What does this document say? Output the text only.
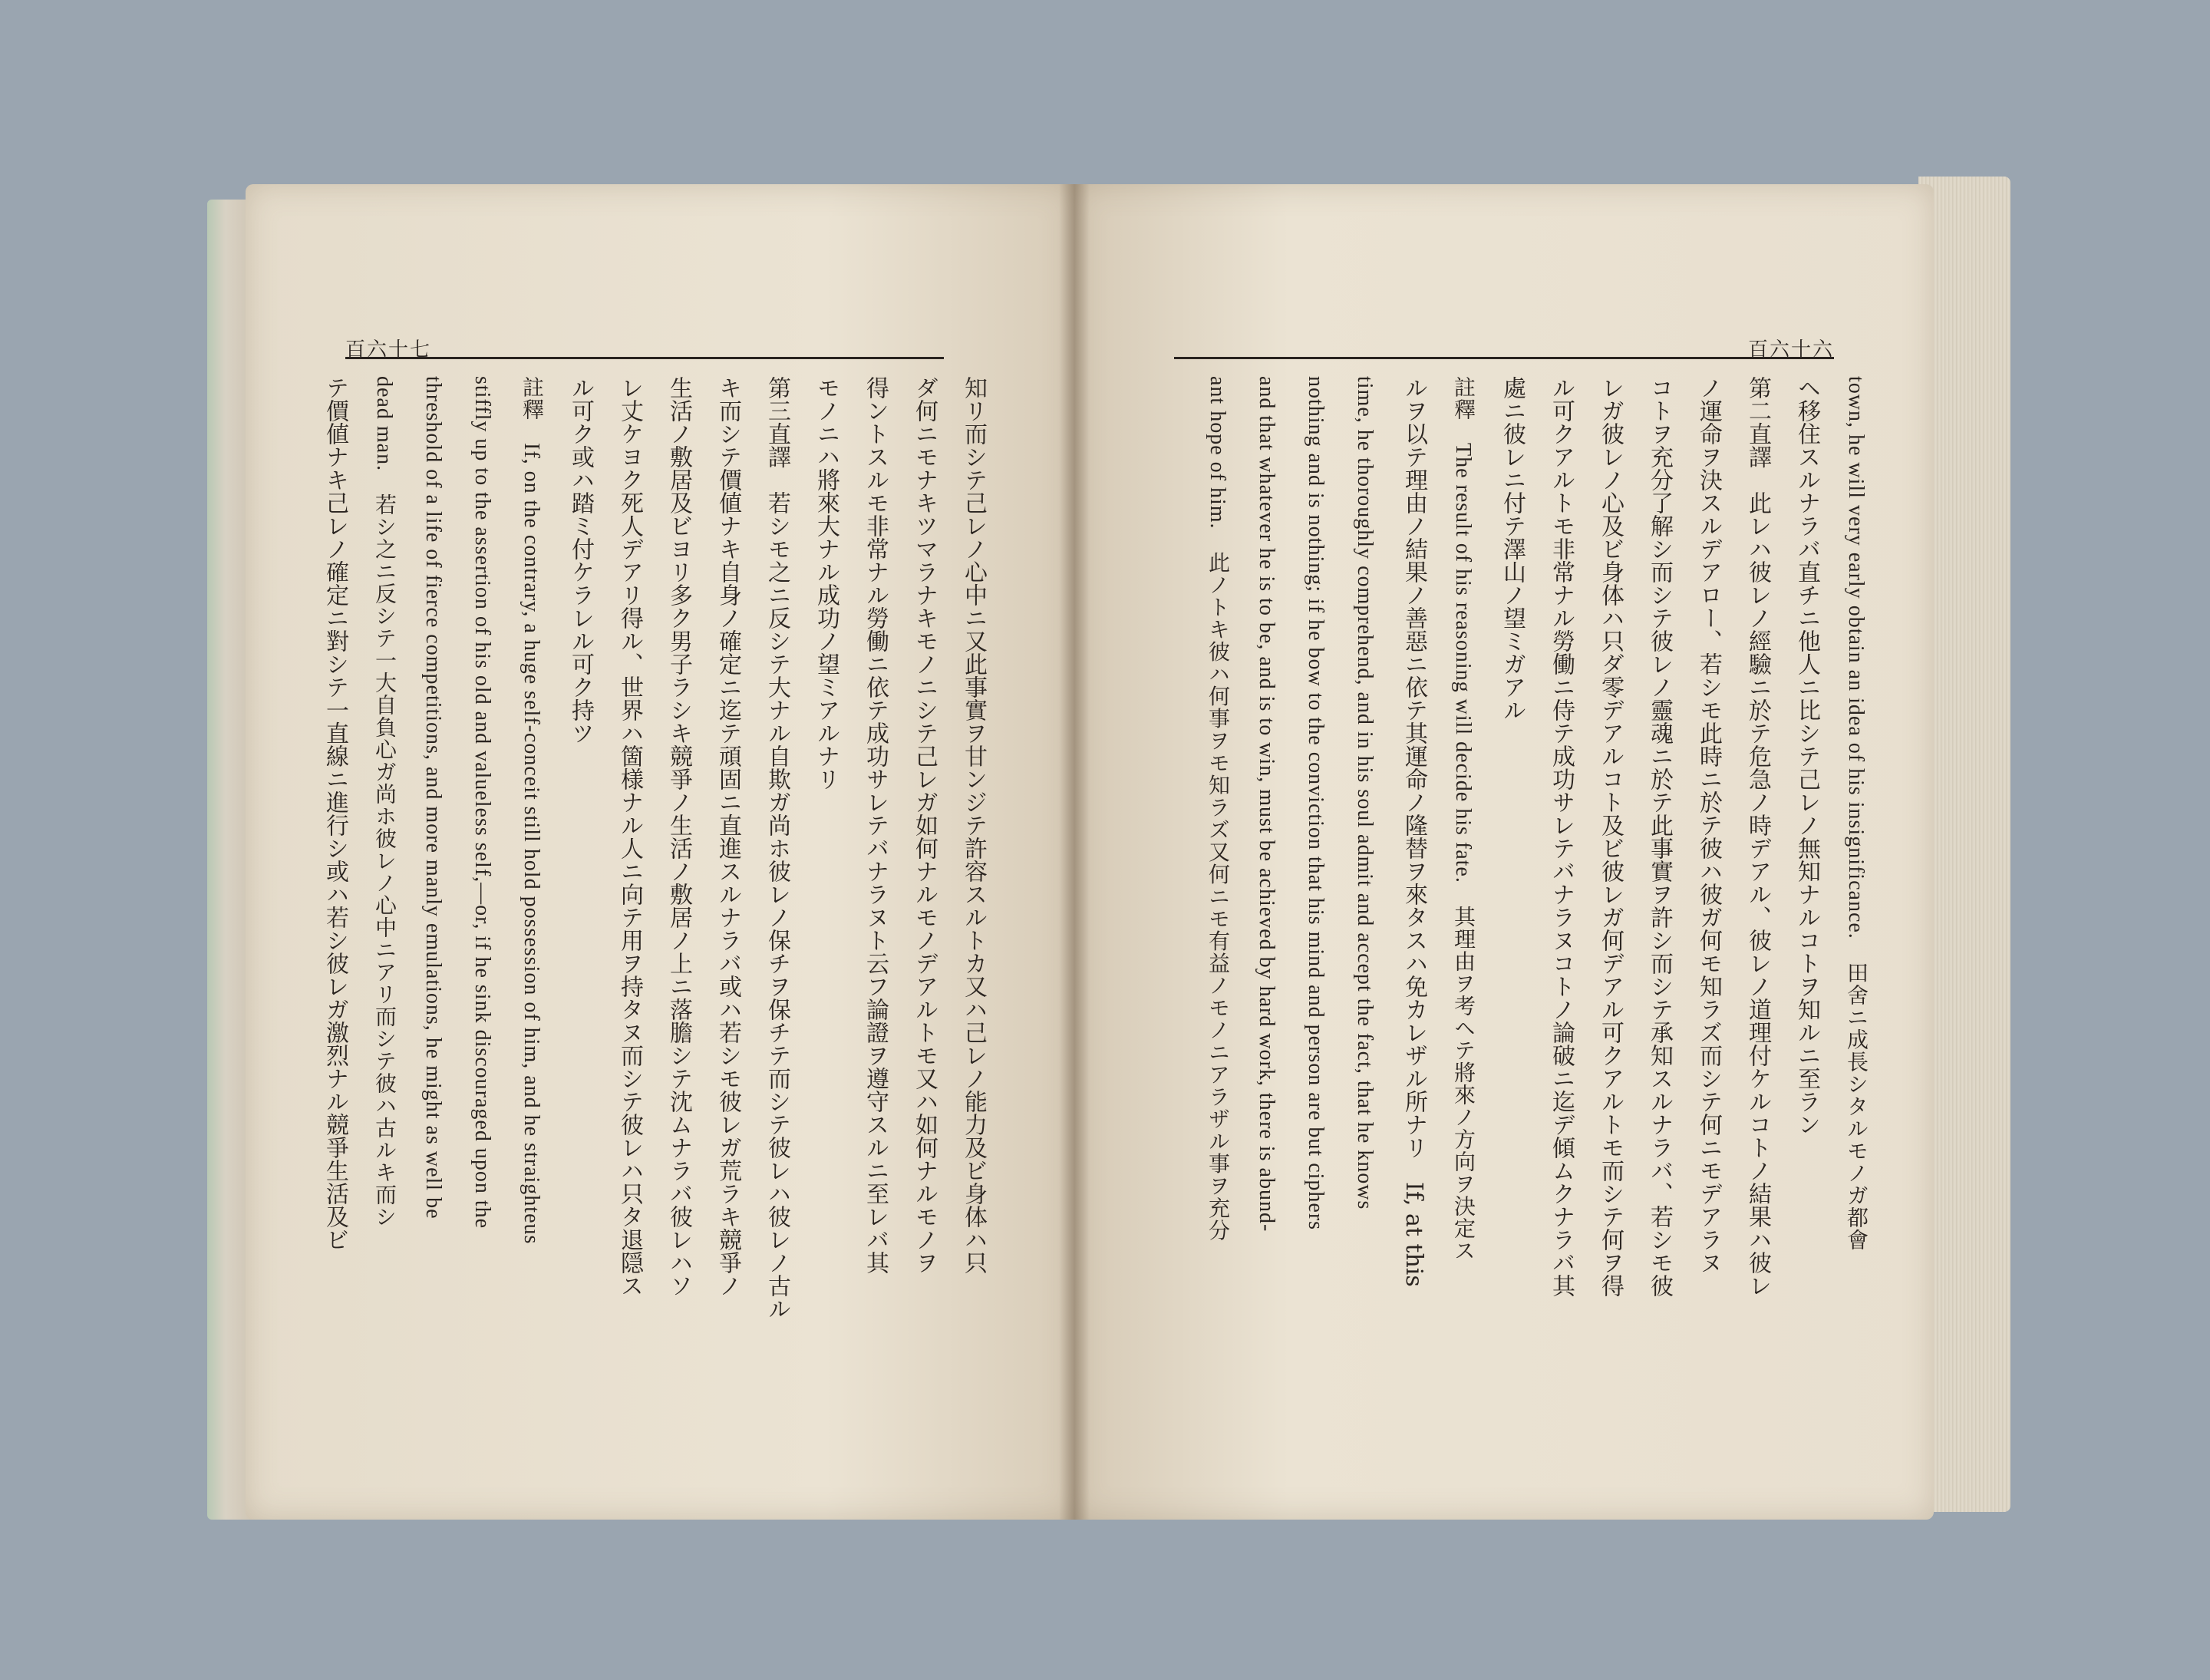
百六十七
知リ而シテ己レノ心中ニ又此事實ヲ甘ンジテ許容スルトカ又ハ己レノ能力及ビ身体ハ只
ダ何ニモナキツマラナキモノニシテ己レガ如何ナルモノデアルトモ又ハ如何ナルモノヲ
得ントスルモ非常ナル勞働ニ依テ成功サレテバナラヌト云フ論證ヲ遵守スルニ至レバ其
モノニハ將來大ナル成功ノ望ミアルナリ
第三直譯　若シモ之ニ反シテ大ナル自欺ガ尚ホ彼レノ保チヲ保チテ而シテ彼レハ彼レノ古ル
キ而シテ價値ナキ自身ノ確定ニ迄テ頑固ニ直進スルナラバ或ハ若シモ彼レガ荒ラキ競爭ノ
生活ノ敷居及ビヨリ多ク男子ラシキ競爭ノ生活ノ敷居ノ上ニ落膽シテ沈ムナラバ彼レハソ
レ丈ケヨク死人デアリ得ル、世界ハ箇様ナル人ニ向テ用ヲ持タヌ而シテ彼レハ只タ退隠ス
ル可ク或ハ踏ミ付ケラレル可ク持ツ
註釋　If, on the contrary, a huge self-conceit still hold possession of him, and he straighteus
stiffly up to the assertion of his old and valueless self,—or, if he sink discouraged upon the
threshold of a life of fierce competitions, and more manly emulations, he might as well be
dead man.　若シ之ニ反シテ一大自負心ガ尚ホ彼レノ心中ニアリ而シテ彼ハ古ルキ而シ
テ價値ナキ己レノ確定ニ對シテ一直線ニ進行シ或ハ若シ彼レガ激烈ナル競爭生活及ビ
百六十六
town, he will very early obtain an idea of his insignificance.　田舍ニ成長シタルモノガ都會
ヘ移住スルナラバ直チニ他人ニ比シテ己レノ無知ナルコトヲ知ルニ至ラン
第二直譯　此レハ彼レノ經驗ニ於テ危急ノ時デアル、彼レノ道理付ケルコトノ結果ハ彼レ
ノ運命ヲ決スルデアロー、若シモ此時ニ於テ彼ハ彼ガ何モ知ラズ而シテ何ニモデアラヌ
コトヲ充分了解シ而シテ彼レノ靈魂ニ於テ此事實ヲ許シ而シテ承知スルナラバ、若シモ彼
レガ彼レノ心及ビ身体ハ只ダ零デアルコト及ビ彼レガ何デアル可クアルトモ而シテ何ヲ得
ル可クアルトモ非常ナル勞働ニ侍テ成功サレテバナラヌコトノ論破ニ迄デ傾ムクナラバ其
處ニ彼レニ付テ澤山ノ望ミガアル
註釋　The result of his reasoning will decide his fate.　其理由ヲ考ヘテ將來ノ方向ヲ決定ス
ルヲ以テ理由ノ結果ノ善惡ニ依テ其運命ノ隆替ヲ來タスハ免カレザル所ナリ　If, at this
time, he thoroughly comprehend, and in his soul admit and accept the fact, that he knows
nothing and is nothing; if he bow to the conviction that his mind and person are but ciphers
and that whatever he is to be, and is to win, must be achieved by hard work, there is abund-
ant hope of him.　此ノトキ彼ハ何事ヲモ知ラズ又何ニモ有益ノモノニアラザル事ヲ充分
